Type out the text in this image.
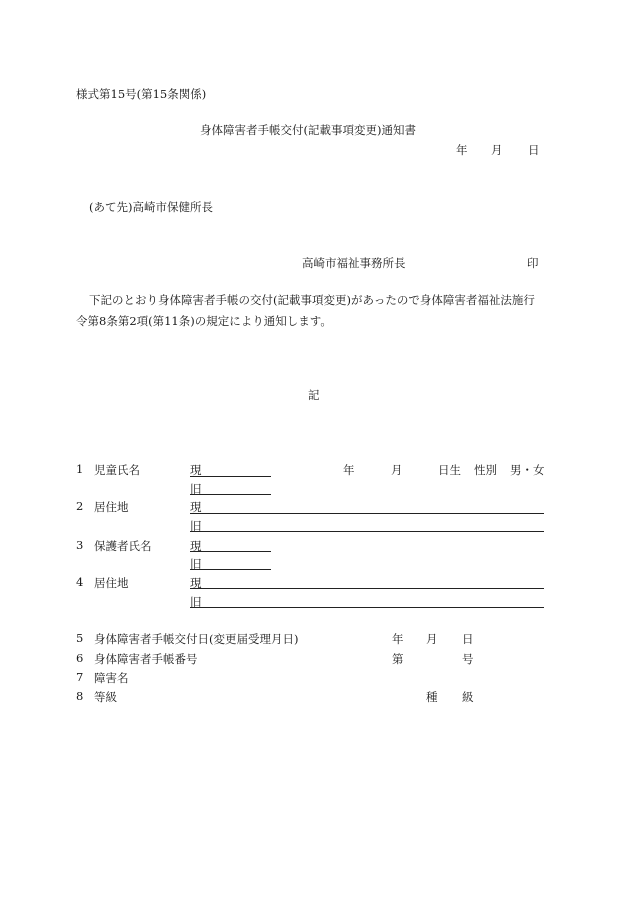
様式第15号(第15条関係)
身体障害者手帳交付(記載事項変更)通知書
年 月 日
(あて先)高崎市保健所長
高崎市福祉事務所長	印
下記のとおり身体障害者手帳の交付(記載事項変更)があったので身体障害者福祉法施行
令第8条第2項(第11条)の規定により通知します。
記
1 児童氏名	現	年	月	日生 性別 男・女
旧
2 居住地	現
旧
3 保護者氏名	現
旧
4 居住地	現
旧
5 身体障害者手帳交付日(変更届受理月日)	年 月 日
6 身体障害者手帳番号	第	号
7 障害名
8 等級	種 級
